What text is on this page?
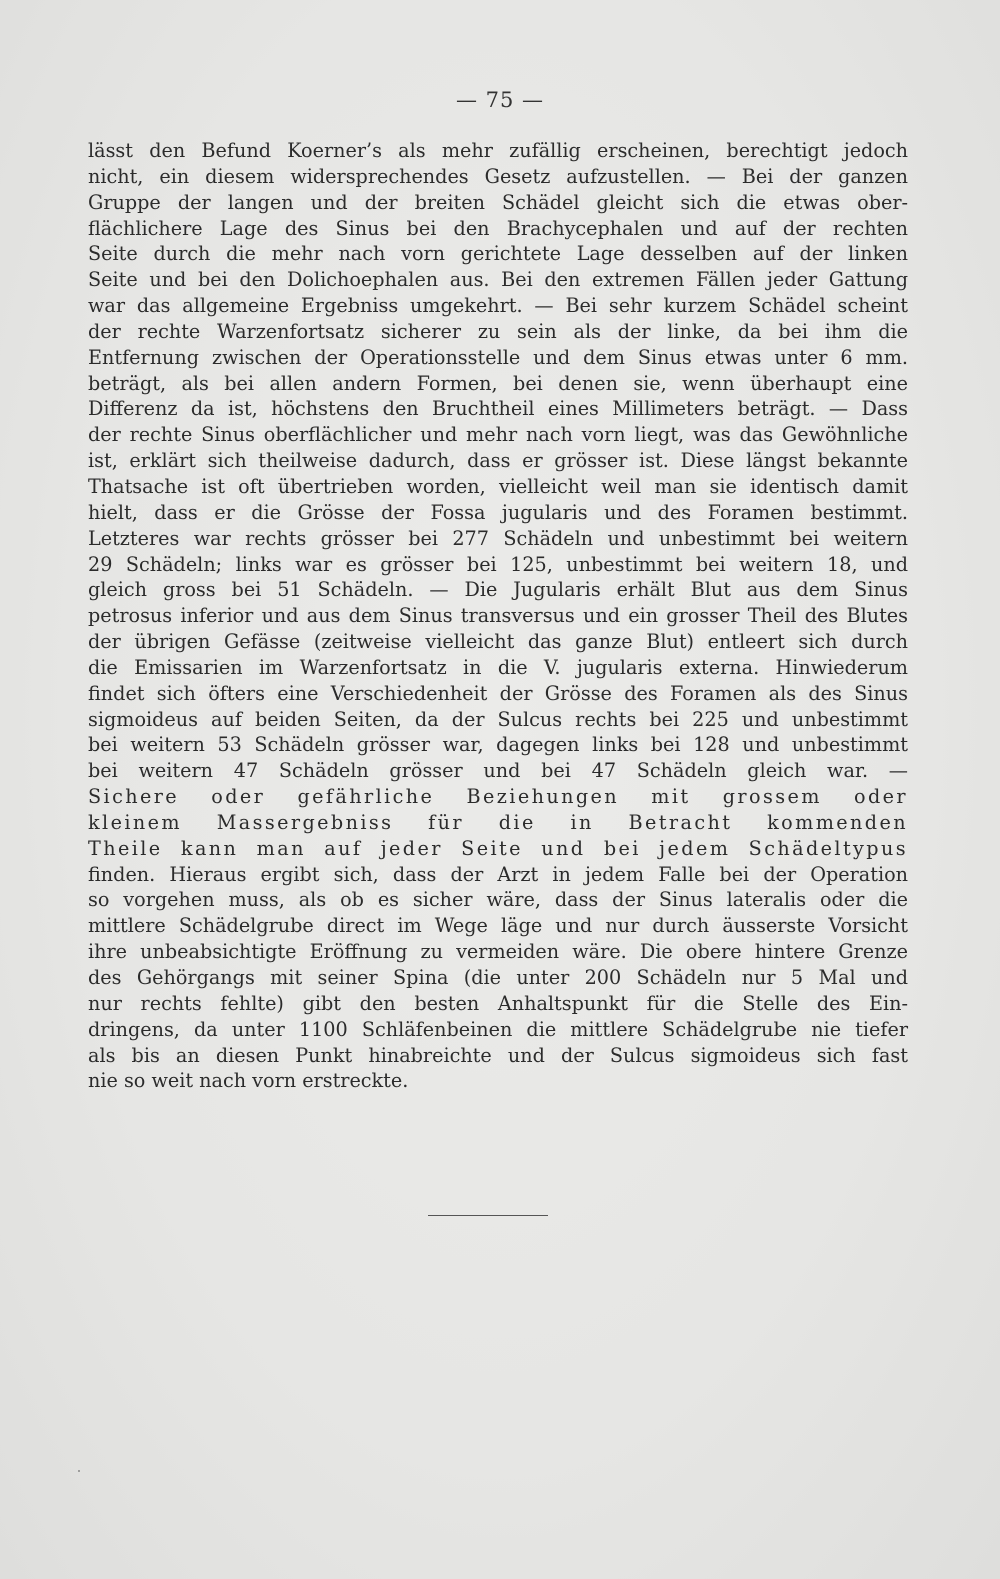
— 75 —
lässt den Befund Koerner’s als mehr zufällig erscheinen, berechtigt jedoch
nicht, ein diesem widersprechendes Gesetz aufzustellen. — Bei der ganzen
Gruppe der langen und der breiten Schädel gleicht sich die etwas ober-
flächlichere Lage des Sinus bei den Brachycephalen und auf der rechten
Seite durch die mehr nach vorn gerichtete Lage desselben auf der linken
Seite und bei den Dolichoephalen aus. Bei den extremen Fällen jeder Gattung
war das allgemeine Ergebniss umgekehrt. — Bei sehr kurzem Schädel scheint
der rechte Warzenfortsatz sicherer zu sein als der linke, da bei ihm die
Entfernung zwischen der Operationsstelle und dem Sinus etwas unter 6 mm.
beträgt, als bei allen andern Formen, bei denen sie, wenn überhaupt eine
Differenz da ist, höchstens den Bruchtheil eines Millimeters beträgt. — Dass
der rechte Sinus oberflächlicher und mehr nach vorn liegt, was das Gewöhnliche
ist, erklärt sich theilweise dadurch, dass er grösser ist. Diese längst bekannte
Thatsache ist oft übertrieben worden, vielleicht weil man sie identisch damit
hielt, dass er die Grösse der Fossa jugularis und des Foramen bestimmt.
Letzteres war rechts grösser bei 277 Schädeln und unbestimmt bei weitern
29 Schädeln; links war es grösser bei 125, unbestimmt bei weitern 18, und
gleich gross bei 51 Schädeln. — Die Jugularis erhält Blut aus dem Sinus
petrosus inferior und aus dem Sinus transversus und ein grosser Theil des Blutes
der übrigen Gefässe (zeitweise vielleicht das ganze Blut) entleert sich durch
die Emissarien im Warzenfortsatz in die V. jugularis externa. Hinwiederum
findet sich öfters eine Verschiedenheit der Grösse des Foramen als des Sinus
sigmoideus auf beiden Seiten, da der Sulcus rechts bei 225 und unbestimmt
bei weitern 53 Schädeln grösser war, dagegen links bei 128 und unbestimmt
bei weitern 47 Schädeln grösser und bei 47 Schädeln gleich war. —
Sichere oder gefährliche Beziehungen mit grossem oder
kleinem Massergebniss für die in Betracht kommenden
Theile kann man auf jeder Seite und bei jedem Schädeltypus
finden. Hieraus ergibt sich, dass der Arzt in jedem Falle bei der Operation
so vorgehen muss, als ob es sicher wäre, dass der Sinus lateralis oder die
mittlere Schädelgrube direct im Wege läge und nur durch äusserste Vorsicht
ihre unbeabsichtigte Eröffnung zu vermeiden wäre. Die obere hintere Grenze
des Gehörgangs mit seiner Spina (die unter 200 Schädeln nur 5 Mal und
nur rechts fehlte) gibt den besten Anhaltspunkt für die Stelle des Ein-
dringens, da unter 1100 Schläfenbeinen die mittlere Schädelgrube nie tiefer
als bis an diesen Punkt hinabreichte und der Sulcus sigmoideus sich fast
nie so weit nach vorn erstreckte.
